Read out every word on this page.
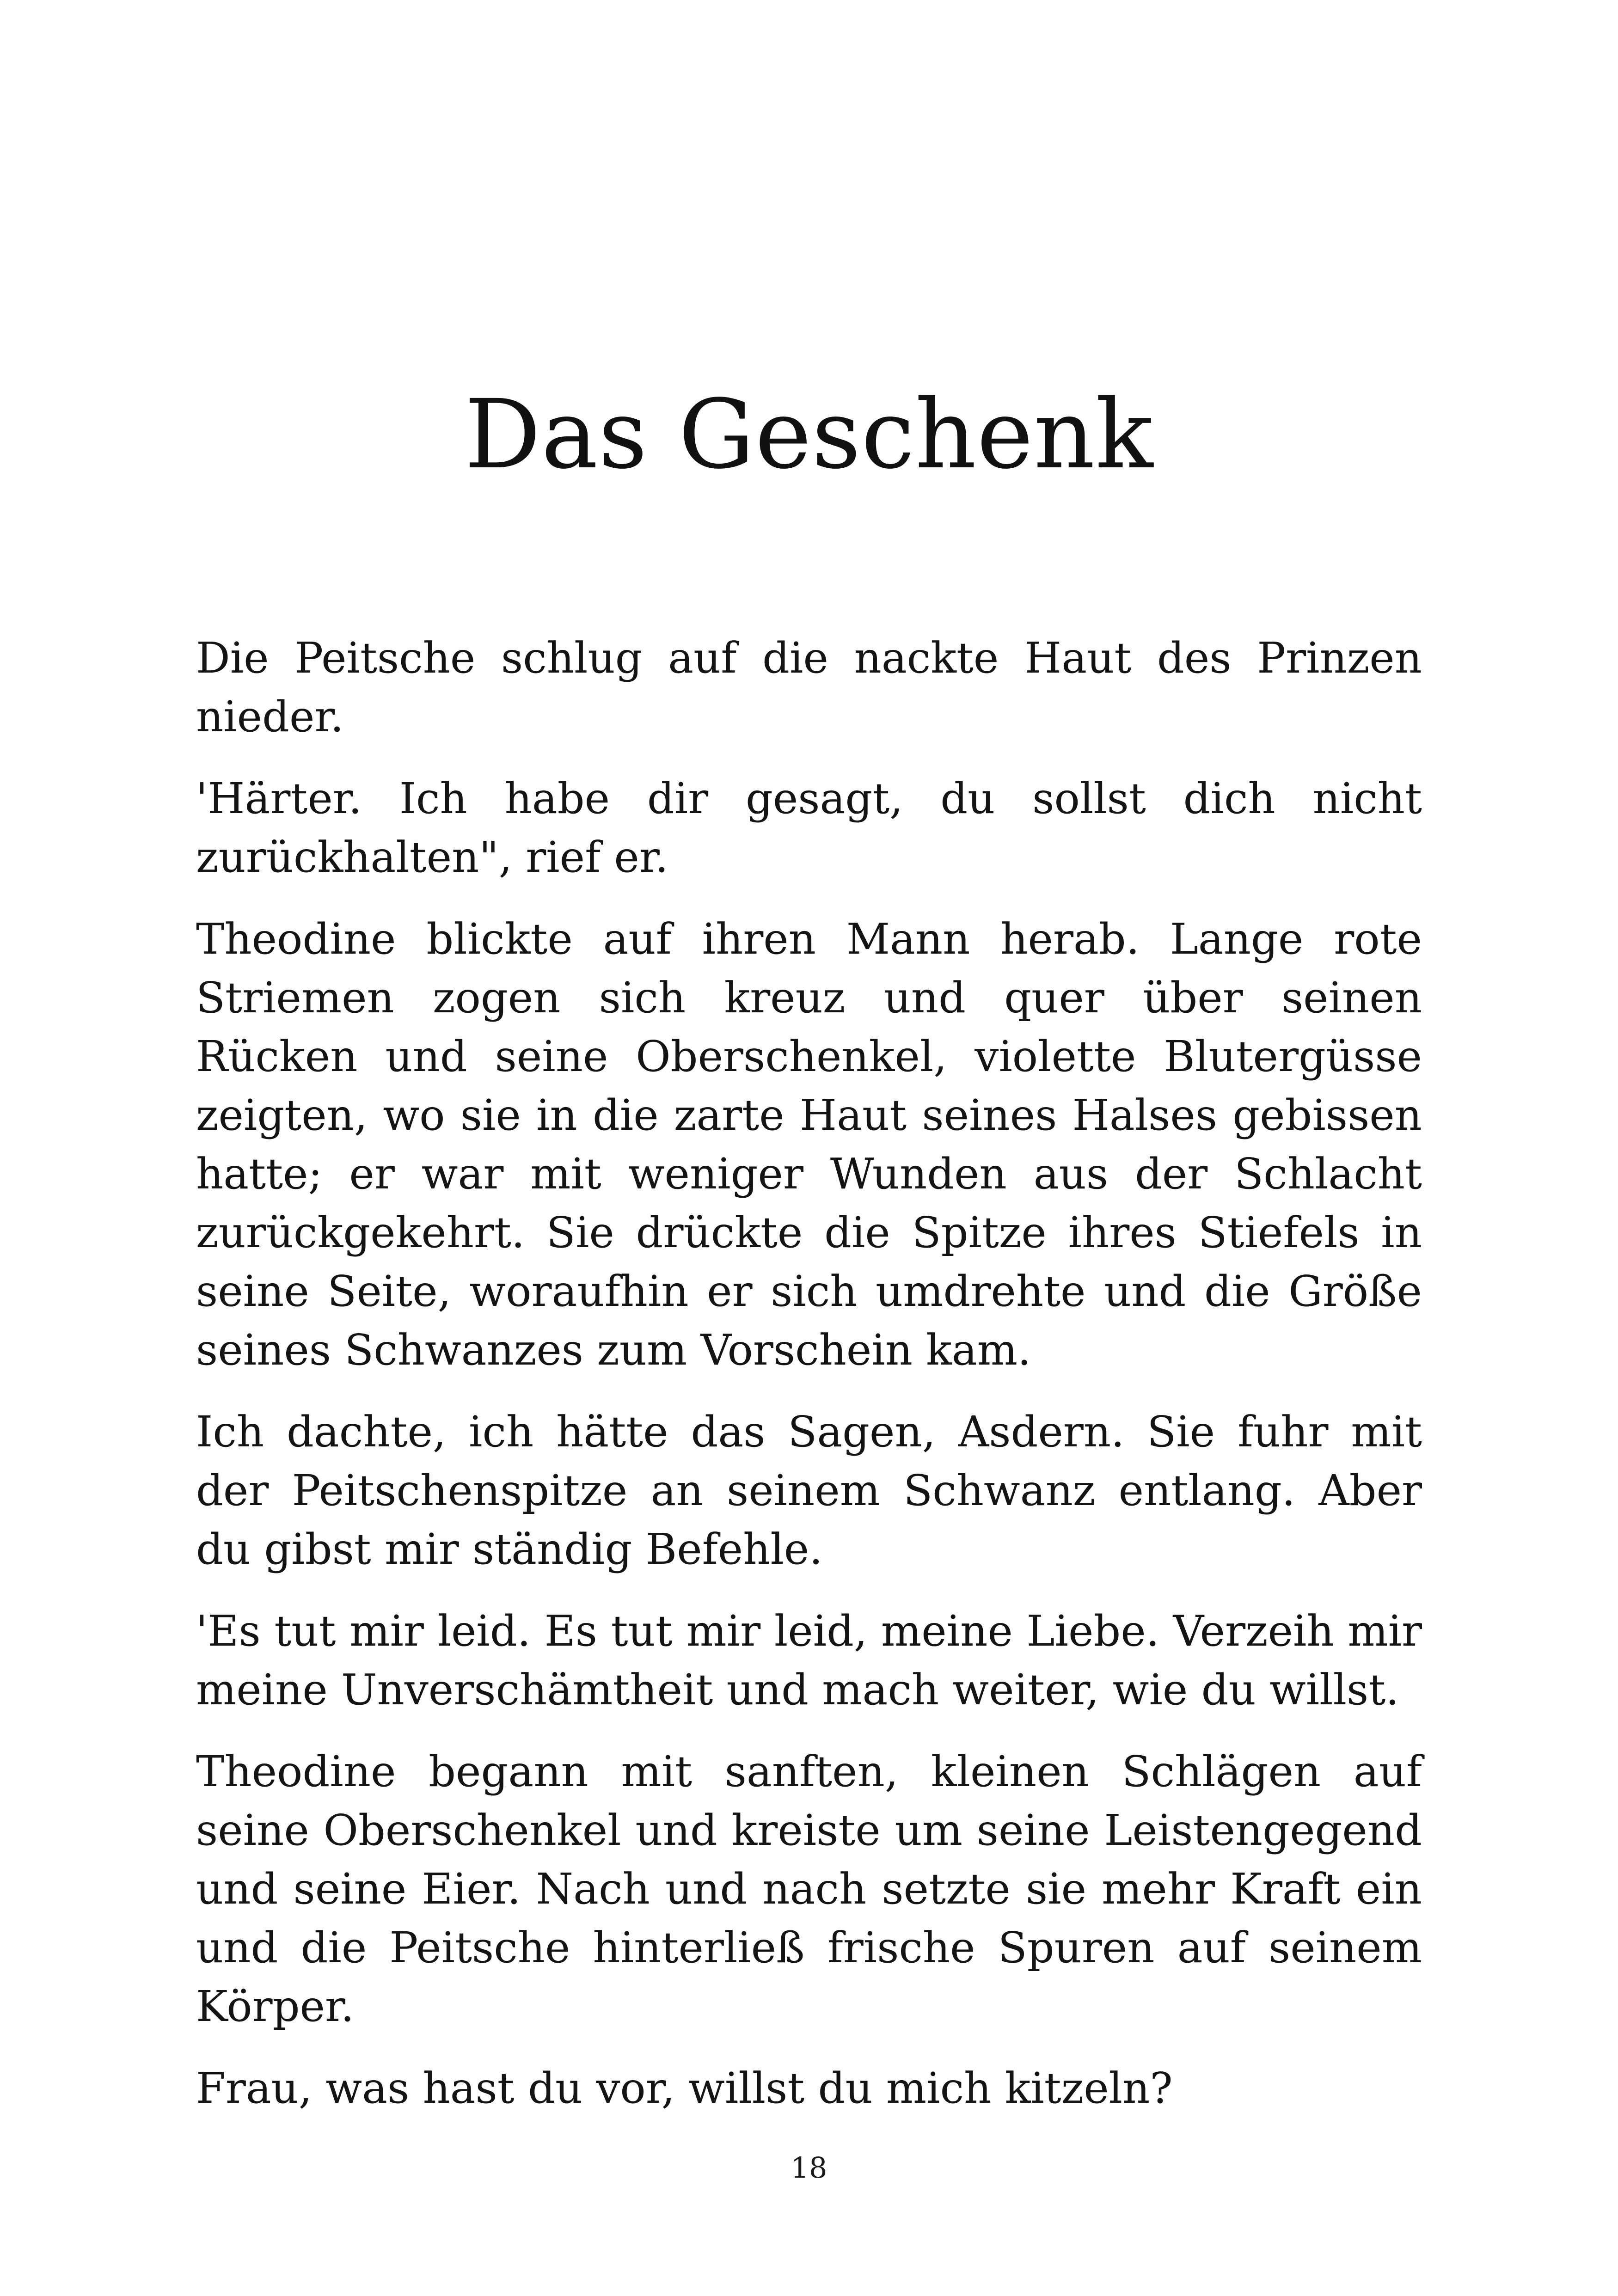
Das Geschenk

Die Peitsche schlug auf die nackte Haut des Prinzen nieder.

'Härter. Ich habe dir gesagt, du sollst dich nicht zurückhalten", rief er.

Theodine blickte auf ihren Mann herab. Lange rote Striemen zogen sich kreuz und quer über seinen Rücken und seine Oberschenkel, violette Blutergüsse zeigten, wo sie in die zarte Haut seines Halses gebissen hatte; er war mit weniger Wunden aus der Schlacht zurückgekehrt. Sie drückte die Spitze ihres Stiefels in seine Seite, woraufhin er sich umdrehte und die Größe seines Schwanzes zum Vorschein kam.

Ich dachte, ich hätte das Sagen, Asdern. Sie fuhr mit der Peitschenspitze an seinem Schwanz entlang. Aber du gibst mir ständig Befehle.

'Es tut mir leid. Es tut mir leid, meine Liebe. Verzeih mir meine Unverschämtheit und mach weiter, wie du willst.

Theodine begann mit sanften, kleinen Schlägen auf seine Oberschenkel und kreiste um seine Leistengegend und seine Eier. Nach und nach setzte sie mehr Kraft ein und die Peitsche hinterließ frische Spuren auf seinem Körper.

Frau, was hast du vor, willst du mich kitzeln?

18
